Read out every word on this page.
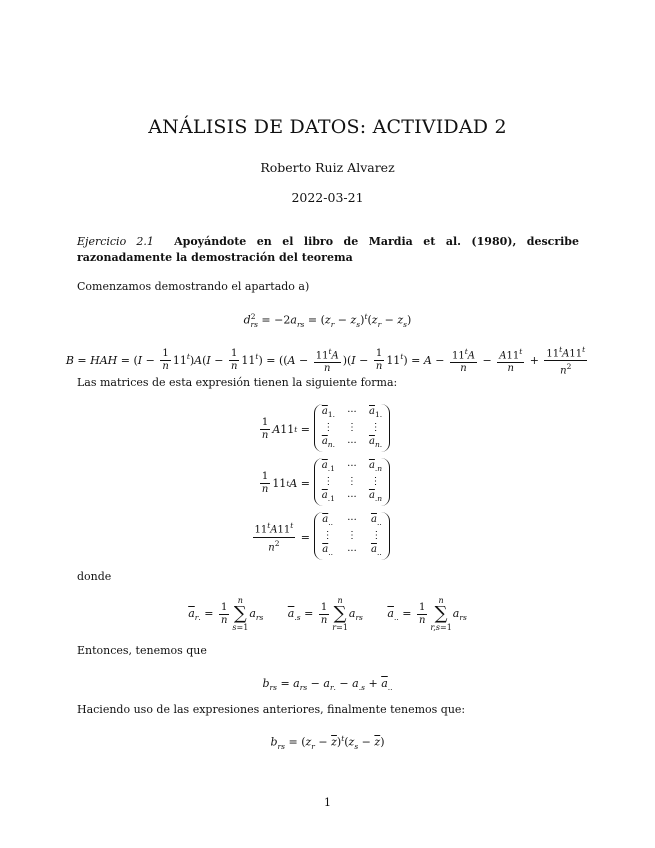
ANÁLISIS DE DATOS: ACTIVIDAD 2
Roberto Ruiz Alvarez
2022-03-21
Ejercicio 2.1 Apoyándote en el libro de Mardia et al. (1980), describe razonadamente la demostración del teorema
Comenzamos demostrando el apartado a)
$d^2_{rs} = -2a_{rs} = (z_r - z_s)^t(z_r - z_s)$
B = HAH = $(I - \frac{1}{n} 11^t)A(I - \frac{1}{n} 11^t) = ((A - \frac{11^tA}{n} )(I - \frac{1}{n} 11^t) = A - \frac{11^tA}{n} - \frac{A11^t}{n} + \frac{11^tA11^t}{n^2}$
Las matrices de esta expresión tienen la siguiente forma:
$\frac{1}{n}$ A 11 t =
$\overline{a}_{1.}$	···	$\overline{a}_{1.}$
⋮	⋮	⋮
$\overline{a}_{n.}$	···	$\overline{a}_{n.}$
$\frac{1}{n} 11$ t A =
$\overline{a}_{.1}$	···	$\overline{a}_{.n}$
⋮	⋮	⋮
$\overline{a}_{.1}$	···	$\overline{a}_{.n}$
$\frac{11^tA11^t}{n^2}$ =
$\overline{a}_{..}$	···	$\overline{a}_{..}$
⋮	⋮	⋮
$\overline{a}_{..}$	···	$\overline{a}_{..}$
donde
$\overline{a}_{r.} = \frac{1}{n}$
n
∑
s=1
$a_{rs}$ $\overline{a}_{.s} = \frac{1}{n}$
n
∑
r=1
$a_{rs}$ $\overline{a}_{..} = \frac{1}{n}$
n
∑
r,s=1
$a_{rs}$
Entonces, tenemos que
$b_{rs} = a_{rs} - a_{r.} - a_{.s} + \overline{a}_{..}$
Haciendo uso de las expresiones anteriores, finalmente tenemos que:
$b_{rs} = (z_r - \overline{z})^t(z_s - \overline{z})$
1
